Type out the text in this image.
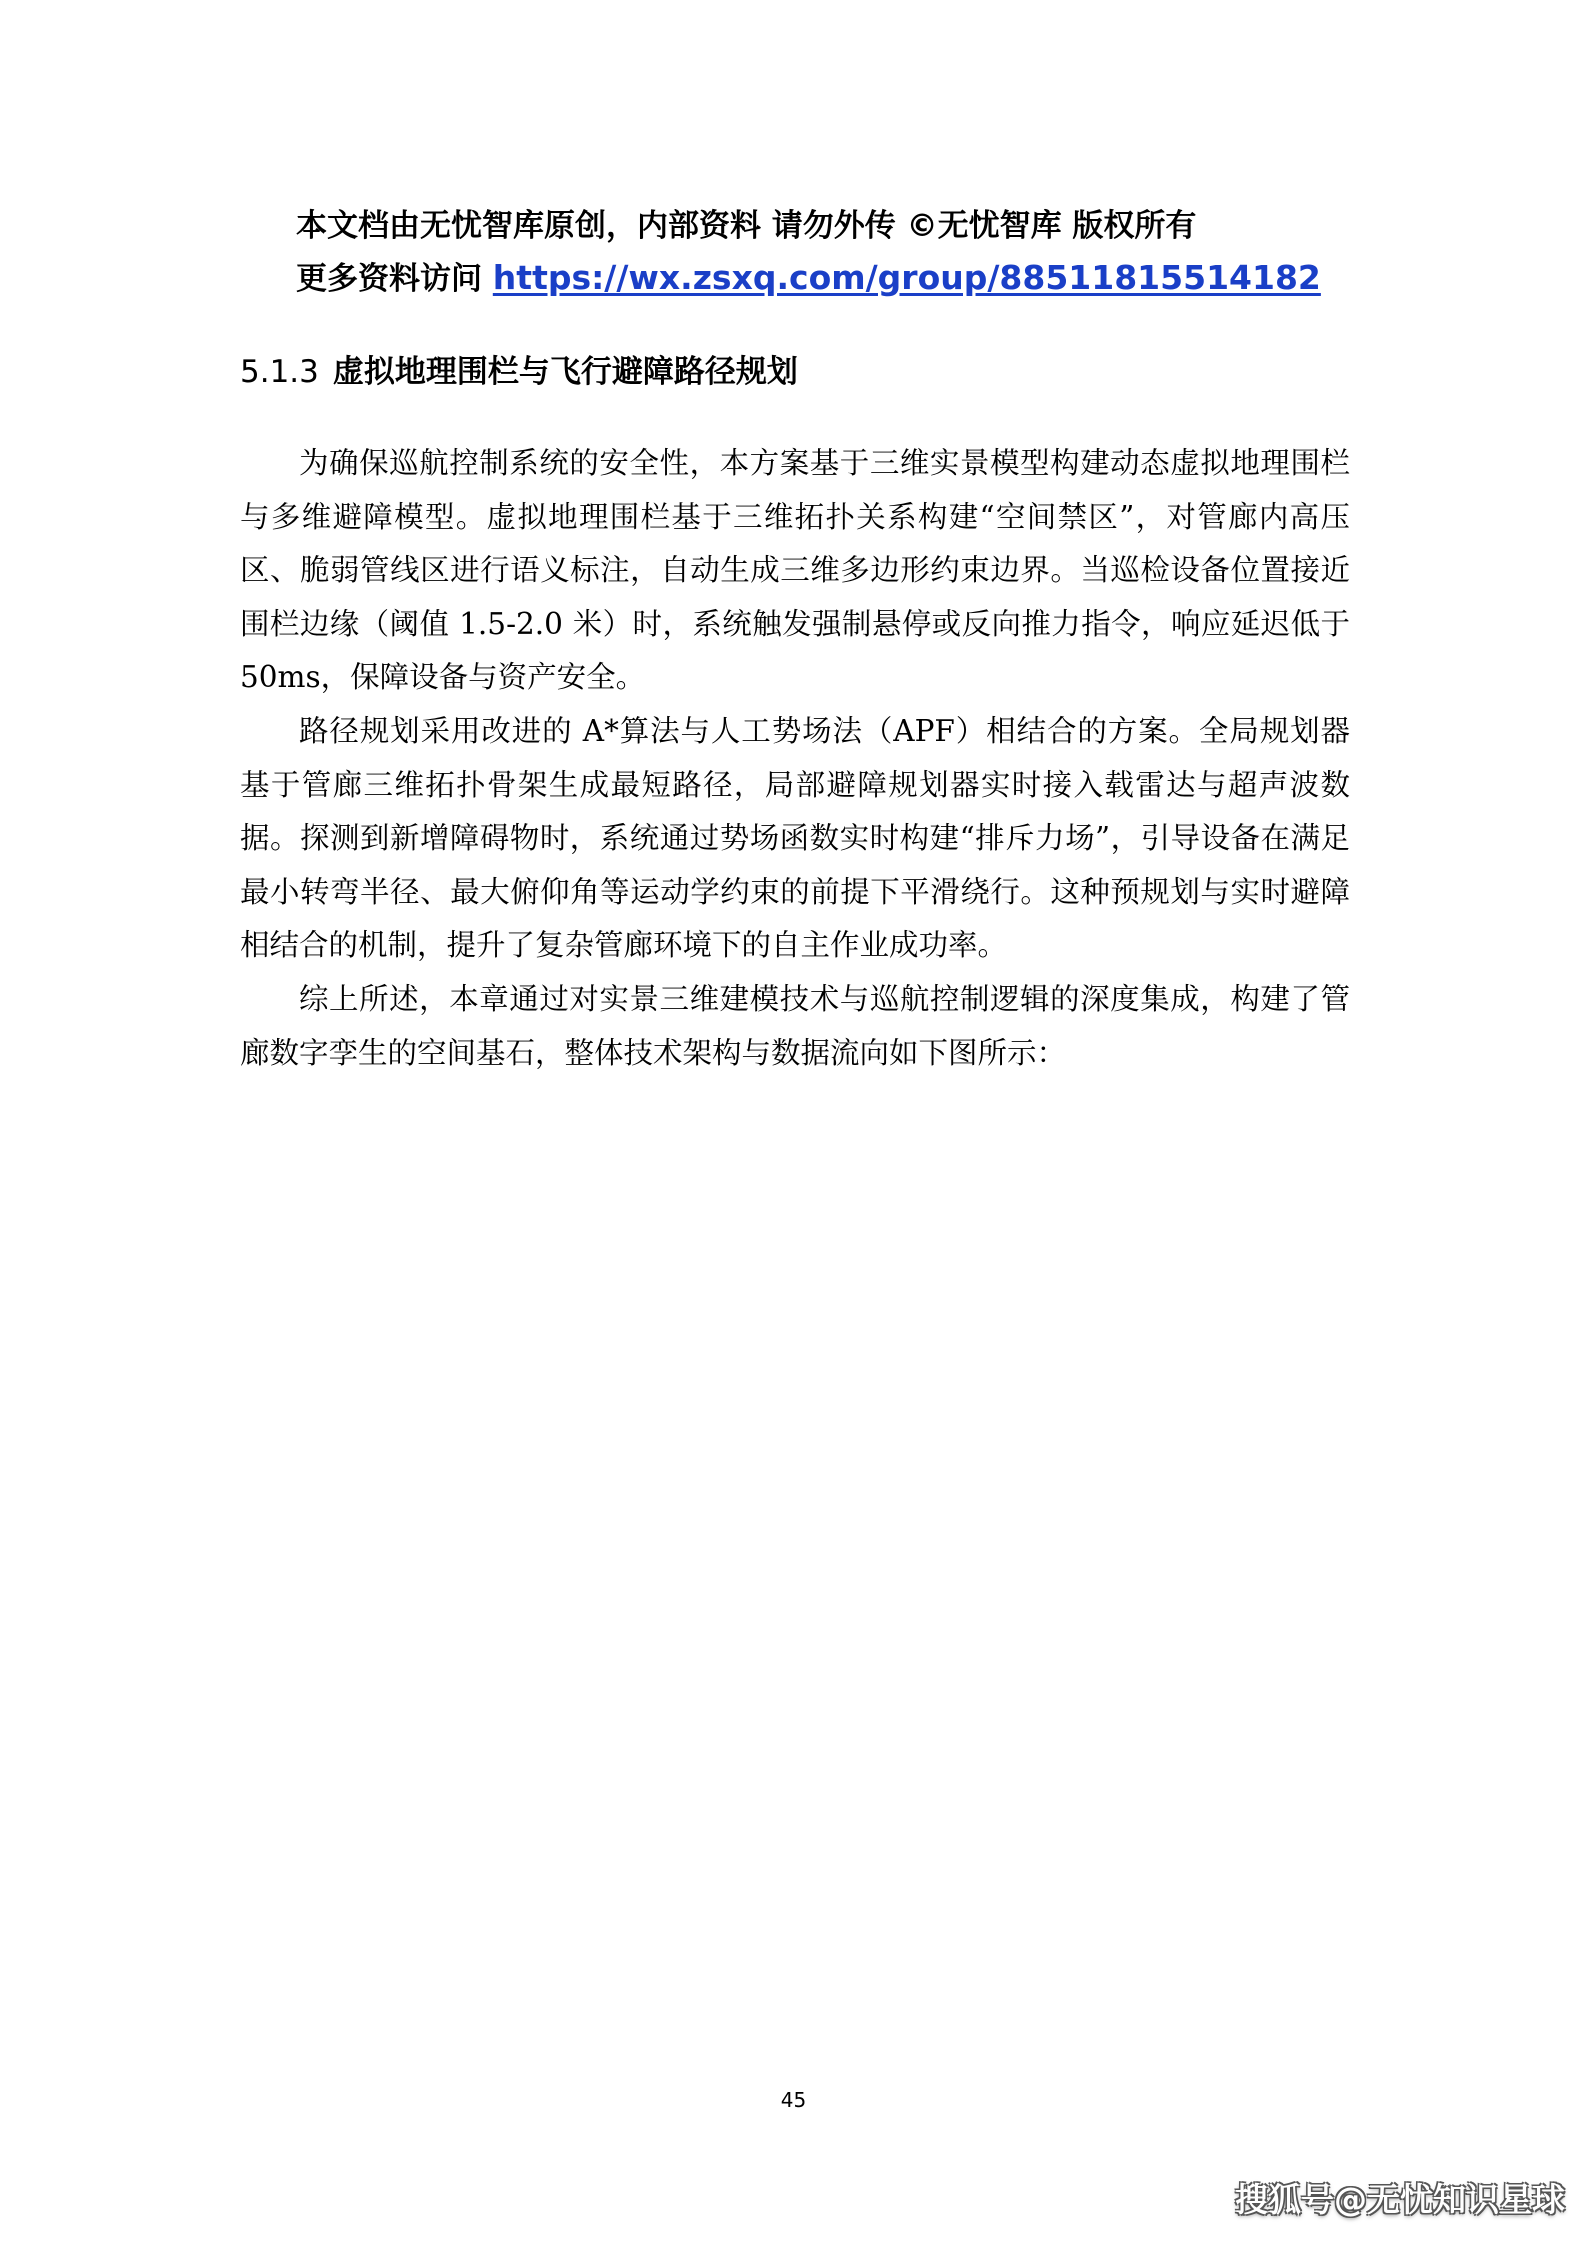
本文档由无忧智库原创，内部资料 请勿外传 ©无忧智库 版权所有
更多资料访问 https://wx.zsxq.com/group/88511815514182
5.1.3 虚拟地理围栏与飞行避障路径规划

为确保巡航控制系统的安全性，本方案基于三维实景模型构建动态虚拟地理围栏与多维避障模型。虚拟地理围栏基于三维拓扑关系构建“空间禁区”，对管廊内高压区、脆弱管线区进行语义标注，自动生成三维多边形约束边界。当巡检设备位置接近围栏边缘（阈值 1.5-2.0 米）时，系统触发强制悬停或反向推力指令，响应延迟低于 50ms，保障设备与资产安全。

路径规划采用改进的 A*算法与人工势场法（APF）相结合的方案。全局规划器基于管廊三维拓扑骨架生成最短路径，局部避障规划器实时接入载雷达与超声波数据。探测到新增障碍物时，系统通过势场函数实时构建“排斥力场”，引导设备在满足最小转弯半径、最大俯仰角等运动学约束的前提下平滑绕行。这种预规划与实时避障相结合的机制，提升了复杂管廊环境下的自主作业成功率。

综上所述，本章通过对实景三维建模技术与巡航控制逻辑的深度集成，构建了管廊数字孪生的空间基石，整体技术架构与数据流向如下图所示：

45
搜狐号@无忧知识星球
